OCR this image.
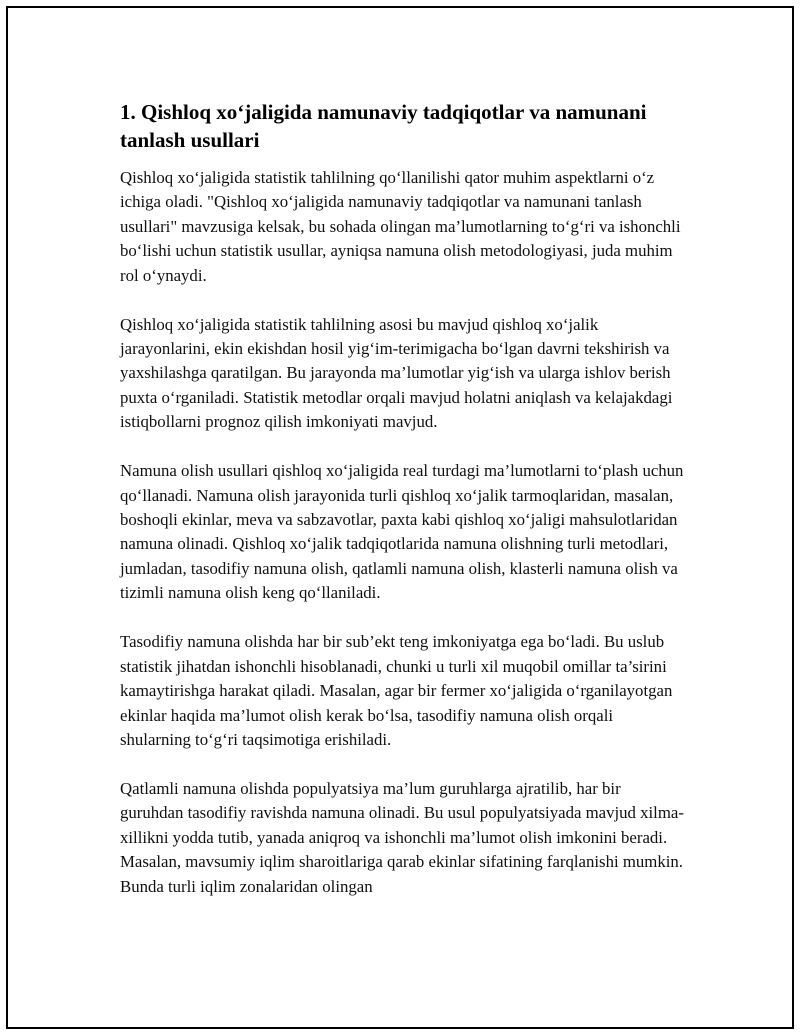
1. Qishloq xo‘jaligida namunaviy tadqiqotlar va namunani tanlash usullari

Qishloq xo‘jaligida statistik tahlilning qo‘llanilishi qator muhim aspektlarni o‘z ichiga oladi. "Qishloq xo‘jaligida namunaviy tadqiqotlar va namunani tanlash usullari" mavzusiga kelsak, bu sohada olingan ma’lumotlarning to‘g‘ri va ishonchli bo‘lishi uchun statistik usullar, ayniqsa namuna olish metodologiyasi, juda muhim rol o‘ynaydi.

Qishloq xo‘jaligida statistik tahlilning asosi bu mavjud qishloq xo‘jalik jarayonlarini, ekin ekishdan hosil yig‘im-terimigacha bo‘lgan davrni tekshirish va yaxshilashga qaratilgan. Bu jarayonda ma’lumotlar yig‘ish va ularga ishlov berish puxta o‘rganiladi. Statistik metodlar orqali mavjud holatni aniqlash va kelajakdagi istiqbollarni prognoz qilish imkoniyati mavjud.

Namuna olish usullari qishloq xo‘jaligida real turdagi ma’lumotlarni to‘plash uchun qo‘llanadi. Namuna olish jarayonida turli qishloq xo‘jalik tarmoqlaridan, masalan, boshoqli ekinlar, meva va sabzavotlar, paxta kabi qishloq xo‘jaligi mahsulotlaridan namuna olinadi. Qishloq xo‘jalik tadqiqotlarida namuna olishning turli metodlari, jumladan, tasodifiy namuna olish, qatlamli namuna olish, klasterli namuna olish va tizimli namuna olish keng qo‘llaniladi.

Tasodifiy namuna olishda har bir sub’ekt teng imkoniyatga ega bo‘ladi. Bu uslub statistik jihatdan ishonchli hisoblanadi, chunki u turli xil muqobil omillar ta’sirini kamaytirishga harakat qiladi. Masalan, agar bir fermer xo‘jaligida o‘rganilayotgan ekinlar haqida ma’lumot olish kerak bo‘lsa, tasodifiy namuna olish orqali shularning to‘g‘ri taqsimotiga erishiladi.

Qatlamli namuna olishda populyatsiya ma’lum guruhlarga ajratilib, har bir guruhdan tasodifiy ravishda namuna olinadi. Bu usul populyatsiyada mavjud xilma-xillikni yodda tutib, yanada aniqroq va ishonchli ma’lumot olish imkonini beradi. Masalan, mavsumiy iqlim sharoitlariga qarab ekinlar sifatining farqlanishi mumkin. Bunda turli iqlim zonalaridan olingan
